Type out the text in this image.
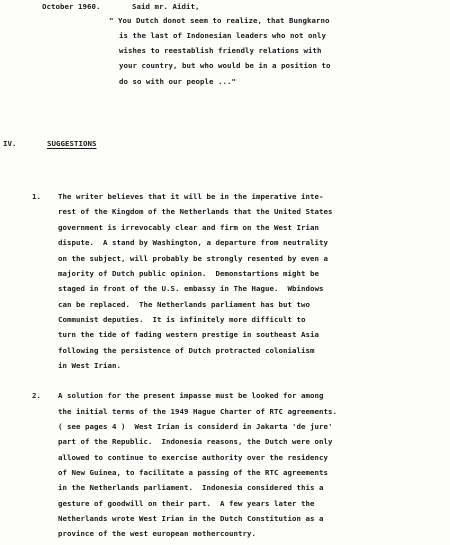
October 1960.	Said mr. Aidit,
" You Dutch donot seem to realize, that Bungkarno
is the last of Indonesian leaders who not only
wishes to reestablish friendly relations with
your country, but who would be in a position to
do so with our people ..."
IV.	SUGGESTIONS
1. The writer believes that it will be in the imperative inte-
rest of the Kingdom of the Netherlands that the United States
government is irrevocably clear and firm on the West Irian
dispute.  A stand by Washington, a departure from neutrality
on the subject, will probably be strongly resented by even a
majority of Dutch public opinion.  Demonstartions might be
staged in front of the U.S. embassy in The Hague.  Wbindows
can be replaced.  The Netherlands parliament has but two
Communist deputies.  It is infinitely more difficult to
turn the tide of fading western prestige in southeast Asia
following the persistence of Dutch protracted colonialism
in West Irian.
2. A solution for the present impasse must be looked for among
the initial terms of the 1949 Hague Charter of RTC agreements.
( see pages 4 )  West Irian is considerd in Jakarta 'de jure'
part of the Republic.  Indonesia reasons, the Dutch were only
allowed to continue to exercise authority over the residency
of New Guinea, to facilitate a passing of the RTC agreements
in the Netherlands parliament.  Indonesia considered this a
gesture of goodwill on their part.  A few years later the
Netherlands wrote West Irian in the Dutch Constitution as a
province of the west european mothercountry.
